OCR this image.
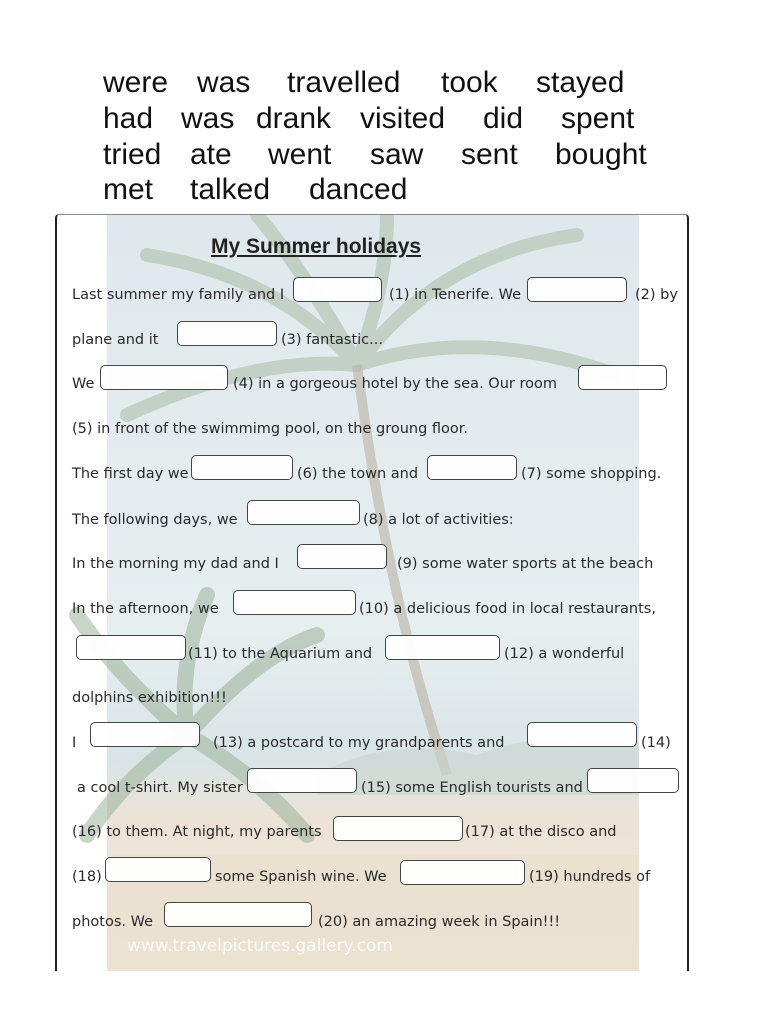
were was travelled took stayed
had was drank visited did spent
tried ate went saw sent bought
met talked danced
www.travelpictures.gallery.com
My Summer holidays
Last summer my family and I	(1) in Tenerife. We	(2) by
plane and it	(3) fantastic...
We	(4) in a gorgeous hotel by the sea. Our room
(5) in front of the swimmimg pool, on the groung floor.
The first day we	(6) the town and	(7) some shopping.
The following days, we	(8) a lot of activities:
In the morning my dad and I	(9) some water sports at the beach
In the afternoon, we	(10) a delicious food in local restaurants,
(11) to the Aquarium and	(12) a wonderful
dolphins exhibition!!!
I	(13) a postcard to my grandparents and	(14)
a cool t-shirt. My sister	(15) some English tourists and
(16) to them. At night, my parents	(17) at the disco and
(18)	some Spanish wine. We	(19) hundreds of
photos. We	(20) an amazing week in Spain!!!
